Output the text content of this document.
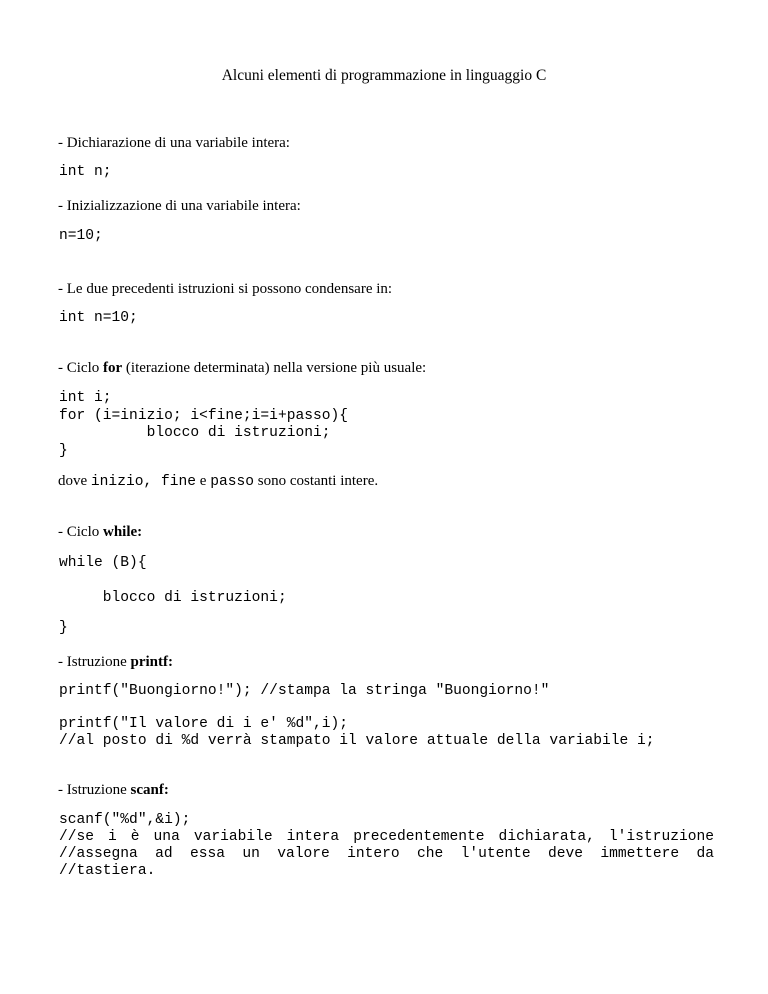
Alcuni elementi di programmazione in linguaggio C
- Dichiarazione di una variabile intera:
int n;
- Inizializzazione di una variabile intera:
n=10;
- Le due precedenti istruzioni si possono condensare in:
int n=10;
- Ciclo for (iterazione determinata) nella versione più usuale:
int i;
for (i=inizio; i<fine;i=i+passo){
blocco di istruzioni;
}
dove inizio, fine e passo sono costanti intere.
- Ciclo while:
while (B){
blocco di istruzioni;
}
- Istruzione printf:
printf("Buongiorno!"); //stampa la stringa "Buongiorno!"
printf("Il valore di i e' %d",i);
//al posto di %d verrà stampato il valore attuale della variabile i;
- Istruzione scanf:
scanf("%d",&i);
//se i è una variabile intera precedentemente dichiarata, l'istruzione
//assegna ad essa un valore intero che l'utente deve immettere da
//tastiera.
